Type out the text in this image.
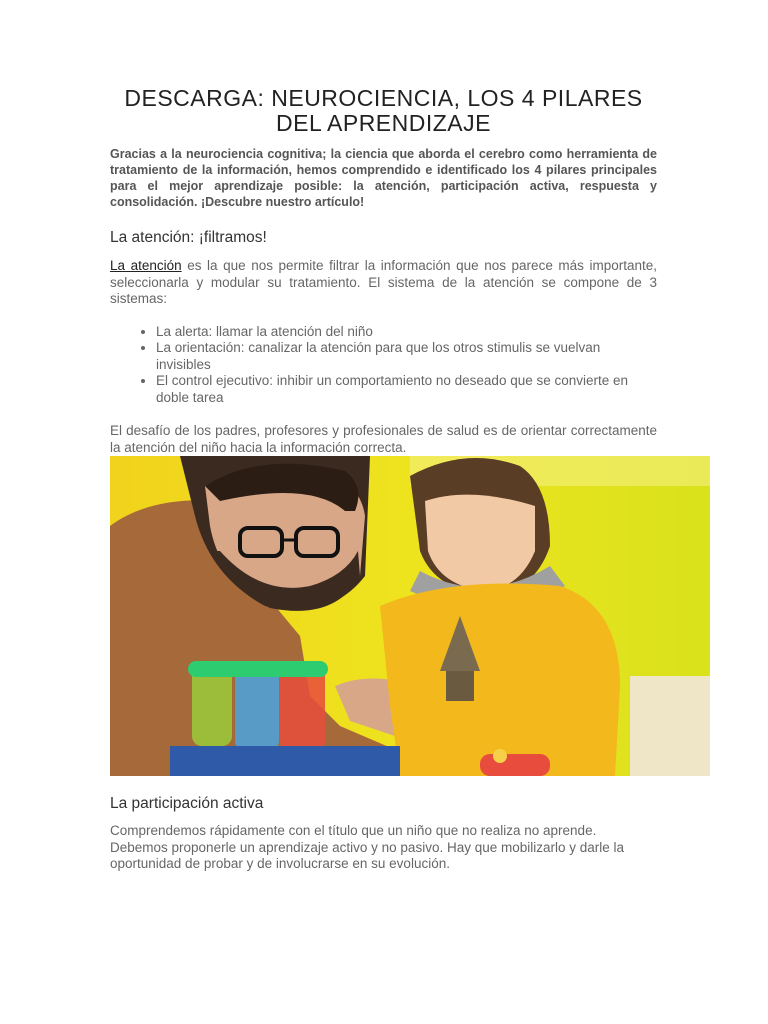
DESCARGA: NEUROCIENCIA, LOS 4 PILARES DEL APRENDIZAJE

Gracias a la neurociencia cognitiva; la ciencia que aborda el cerebro como herramienta de tratamiento de la información, hemos comprendido e identificado los 4 pilares principales para el mejor aprendizaje posible: la atención, participación activa, respuesta y consolidación. ¡Descubre nuestro artículo!

La atención: ¡filtramos!

La atención es la que nos permite filtrar la información que nos parece más importante, seleccionarla y modular su tratamiento. El sistema de la atención se compone de 3 sistemas:

• La alerta: llamar la atención del niño
• La orientación: canalizar la atención para que los otros stimulis se vuelvan invisibles
• El control ejecutivo: inhibir un comportamiento no deseado que se convierte en doble tarea

El desafío de los padres, profesores y profesionales de salud es de orientar correctamente la atención del niño hacia la información correcta.

La participación activa

Comprendemos rápidamente con el título que un niño que no realiza no aprende. Debemos proponerle un aprendizaje activo y no pasivo. Hay que mobilizarlo y darle la oportunidad de probar y de involucrarse en su evolución.
